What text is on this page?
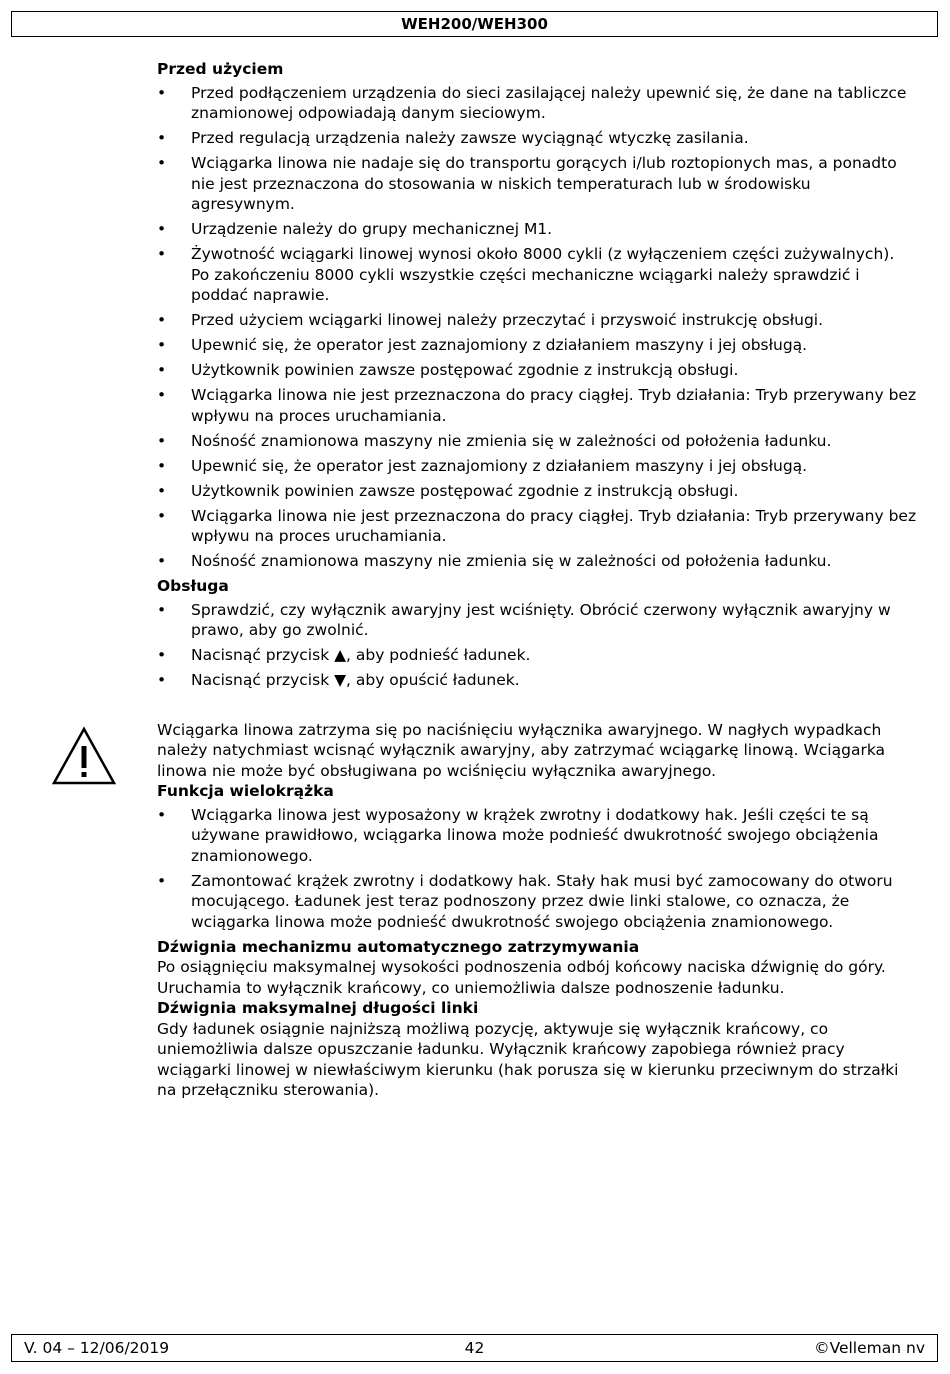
WEH200/WEH300
Przed użyciem
• Przed podłączeniem urządzenia do sieci zasilającej należy upewnić się, że dane na tabliczce znamionowej odpowiadają danym sieciowym.
• Przed regulacją urządzenia należy zawsze wyciągnąć wtyczkę zasilania.
• Wciągarka linowa nie nadaje się do transportu gorących i/lub roztopionych mas, a ponadto nie jest przeznaczona do stosowania w niskich temperaturach lub w środowisku agresywnym.
• Urządzenie należy do grupy mechanicznej M1.
• Żywotność wciągarki linowej wynosi około 8000 cykli (z wyłączeniem części zużywalnych). Po zakończeniu 8000 cykli wszystkie części mechaniczne wciągarki należy sprawdzić i poddać naprawie.
• Przed użyciem wciągarki linowej należy przeczytać i przyswoić instrukcję obsługi.
• Upewnić się, że operator jest zaznajomiony z działaniem maszyny i jej obsługą.
• Użytkownik powinien zawsze postępować zgodnie z instrukcją obsługi.
• Wciągarka linowa nie jest przeznaczona do pracy ciągłej. Tryb działania: Tryb przerywany bez wpływu na proces uruchamiania.
• Nośność znamionowa maszyny nie zmienia się w zależności od położenia ładunku.
• Upewnić się, że operator jest zaznajomiony z działaniem maszyny i jej obsługą.
• Użytkownik powinien zawsze postępować zgodnie z instrukcją obsługi.
• Wciągarka linowa nie jest przeznaczona do pracy ciągłej. Tryb działania: Tryb przerywany bez wpływu na proces uruchamiania.
• Nośność znamionowa maszyny nie zmienia się w zależności od położenia ładunku.
Obsługa
• Sprawdzić, czy wyłącznik awaryjny jest wciśnięty. Obrócić czerwony wyłącznik awaryjny w prawo, aby go zwolnić.
• Nacisnąć przycisk ▲, aby podnieść ładunek.
• Nacisnąć przycisk ▼, aby opuścić ładunek.

Wciągarka linowa zatrzyma się po naciśnięciu wyłącznika awaryjnego. W nagłych wypadkach należy natychmiast wcisnąć wyłącznik awaryjny, aby zatrzymać wciągarkę linową. Wciągarka linowa nie może być obsługiwana po wciśnięciu wyłącznika awaryjnego.

Funkcja wielokrążka
• Wciągarka linowa jest wyposażony w krążek zwrotny i dodatkowy hak. Jeśli części te są używane prawidłowo, wciągarka linowa może podnieść dwukrotność swojego obciążenia znamionowego.
• Zamontować krążek zwrotny i dodatkowy hak. Stały hak musi być zamocowany do otworu mocującego. Ładunek jest teraz podnoszony przez dwie linki stalowe, co oznacza, że wciągarka linowa może podnieść dwukrotność swojego obciążenia znamionowego.
Dźwignia mechanizmu automatycznego zatrzymywania

Po osiągnięciu maksymalnej wysokości podnoszenia odbój końcowy naciska dźwignię do góry. Uruchamia to wyłącznik krańcowy, co uniemożliwia dalsze podnoszenie ładunku.

Dźwignia maksymalnej długości linki

Gdy ładunek osiągnie najniższą możliwą pozycję, aktywuje się wyłącznik krańcowy, co uniemożliwia dalsze opuszczanie ładunku. Wyłącznik krańcowy zapobiega również pracy wciągarki linowej w niewłaściwym kierunku (hak porusza się w kierunku przeciwnym do strzałki na przełączniku sterowania).

V. 04 – 12/06/2019	42	©Velleman nv
